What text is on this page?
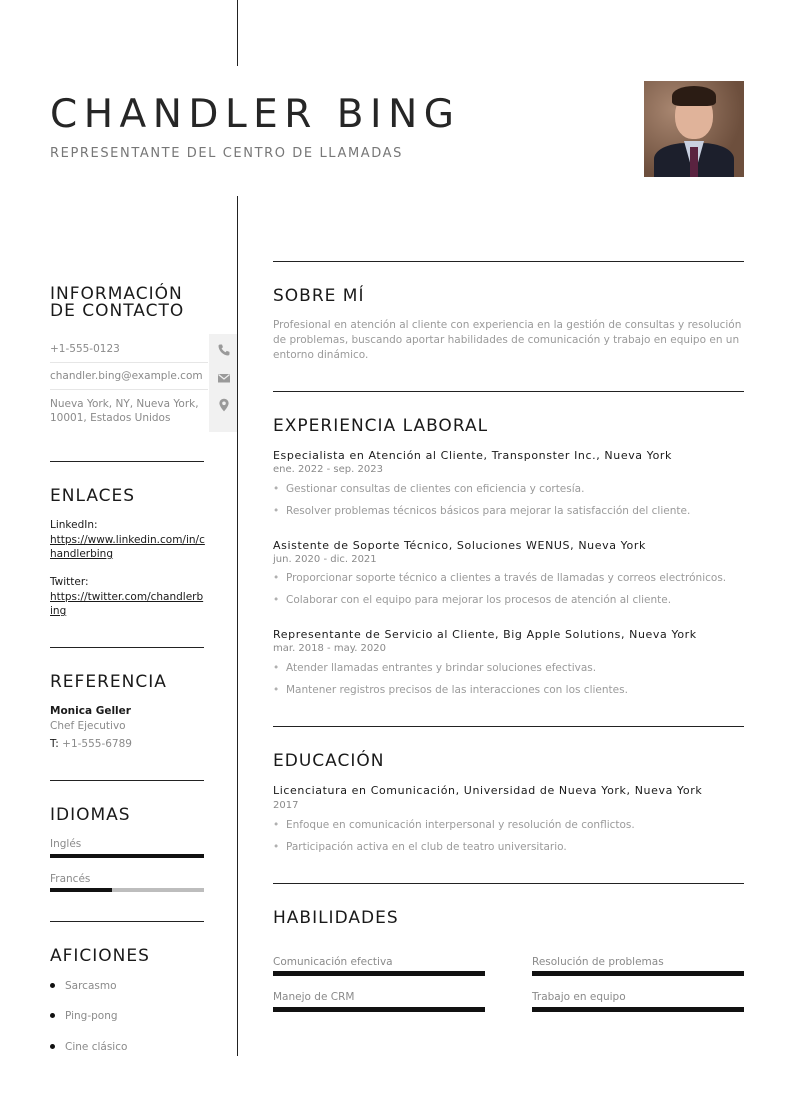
CHANDLER BING
REPRESENTANTE DEL CENTRO DE LLAMADAS
INFORMACIÓN
DE CONTACTO
+1-555-0123
chandler.bing@example.com
Nueva York, NY, Nueva York,
10001, Estados Unidos
ENLACES
LinkedIn:
https://www.linkedin.com/in/chandlerbing
Twitter:
https://twitter.com/chandlerbing
REFERENCIA
Monica Geller
Chef Ejecutivo
T: +1-555-6789
IDIOMAS
Inglés
Francés
AFICIONES
Sarcasmo
Ping-pong
Cine clásico
SOBRE MÍ
Profesional en atención al cliente con experiencia en la gestión de consultas y resolución de problemas, buscando aportar habilidades de comunicación y trabajo en equipo en un entorno dinámico.
EXPERIENCIA LABORAL
Especialista en Atención al Cliente, Transponster Inc., Nueva York
ene. 2022 - sep. 2023
• Gestionar consultas de clientes con eficiencia y cortesía.
• Resolver problemas técnicos básicos para mejorar la satisfacción del cliente.
Asistente de Soporte Técnico, Soluciones WENUS, Nueva York
jun. 2020 - dic. 2021
• Proporcionar soporte técnico a clientes a través de llamadas y correos electrónicos.
• Colaborar con el equipo para mejorar los procesos de atención al cliente.
Representante de Servicio al Cliente, Big Apple Solutions, Nueva York
mar. 2018 - may. 2020
• Atender llamadas entrantes y brindar soluciones efectivas.
• Mantener registros precisos de las interacciones con los clientes.
EDUCACIÓN
Licenciatura en Comunicación, Universidad de Nueva York, Nueva York
2017
• Enfoque en comunicación interpersonal y resolución de conflictos.
• Participación activa en el club de teatro universitario.
HABILIDADES
Comunicación efectiva	Resolución de problemas
Manejo de CRM	Trabajo en equipo
